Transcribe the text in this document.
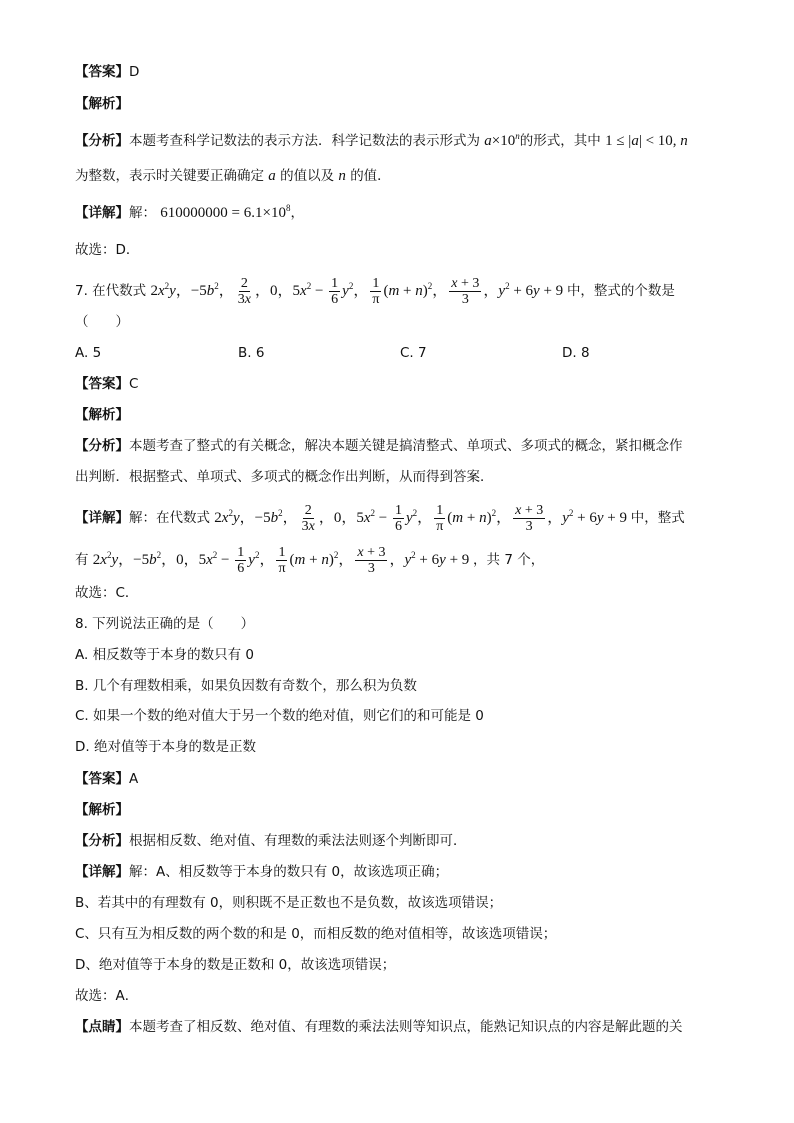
【答案】D
【解析】
【分析】本题考查科学记数法的表示方法．科学记数法的表示形式为 $a\times 10^n$的形式，其中 1 ≤ |a| < 10, n
为整数，表示时关键要正确确定 a 的值以及 n 的值．
【详解】解： $610000000 = 6.1\times 10^8$，
故选：D．
7. 在代数式 $2x^2y$，$-5b^2$， $\frac{2}{3x}$ ，0，$5x^2 - \frac{1}{6} y^2$， $\frac{1}{\pi} (m + n)^2$， $\frac{x + 3}{3}$ ，$y^2 + 6y + 9$ 中，整式的个数是
（　　）
A. 5	B. 6	C. 7	D. 8
【答案】C
【解析】
【分析】本题考查了整式的有关概念，解决本题关键是搞清整式、单项式、多项式的概念，紧扣概念作
出判断．根据整式、单项式、多项式的概念作出判断，从而得到答案．
【详解】解：在代数式 $2x^2y$，$-5b^2$， $\frac{2}{3x}$ ，0，$5x^2 - \frac{1}{6} y^2$， $\frac{1}{\pi} (m + n)^2$， $\frac{x + 3}{3}$ ，$y^2 + 6y + 9$ 中，整式
有 $2x^2y$，$-5b^2$，0，$5x^2 - \frac{1}{6} y^2$， $\frac{1}{\pi} (m + n)^2$， $\frac{x + 3}{3}$ ，$y^2 + 6y + 9$ ，共 7 个，
故选：C．
8. 下列说法正确的是（　　）
A. 相反数等于本身的数只有 0
B. 几个有理数相乘，如果负因数有奇数个，那么积为负数
C. 如果一个数的绝对值大于另一个数的绝对值，则它们的和可能是 0
D. 绝对值等于本身的数是正数
【答案】A
【解析】
【分析】根据相反数、绝对值、有理数的乘法法则逐个判断即可．
【详解】解：A、相反数等于本身的数只有 0，故该选项正确；
B、若其中的有理数有 0，则积既不是正数也不是负数，故该选项错误；
C、只有互为相反数的两个数的和是 0，而相反数的绝对值相等，故该选项错误；
D、绝对值等于本身的数是正数和 0，故该选项错误；
故选：A．
【点睛】本题考查了相反数、绝对值、有理数的乘法法则等知识点，能熟记知识点的内容是解此题的关
